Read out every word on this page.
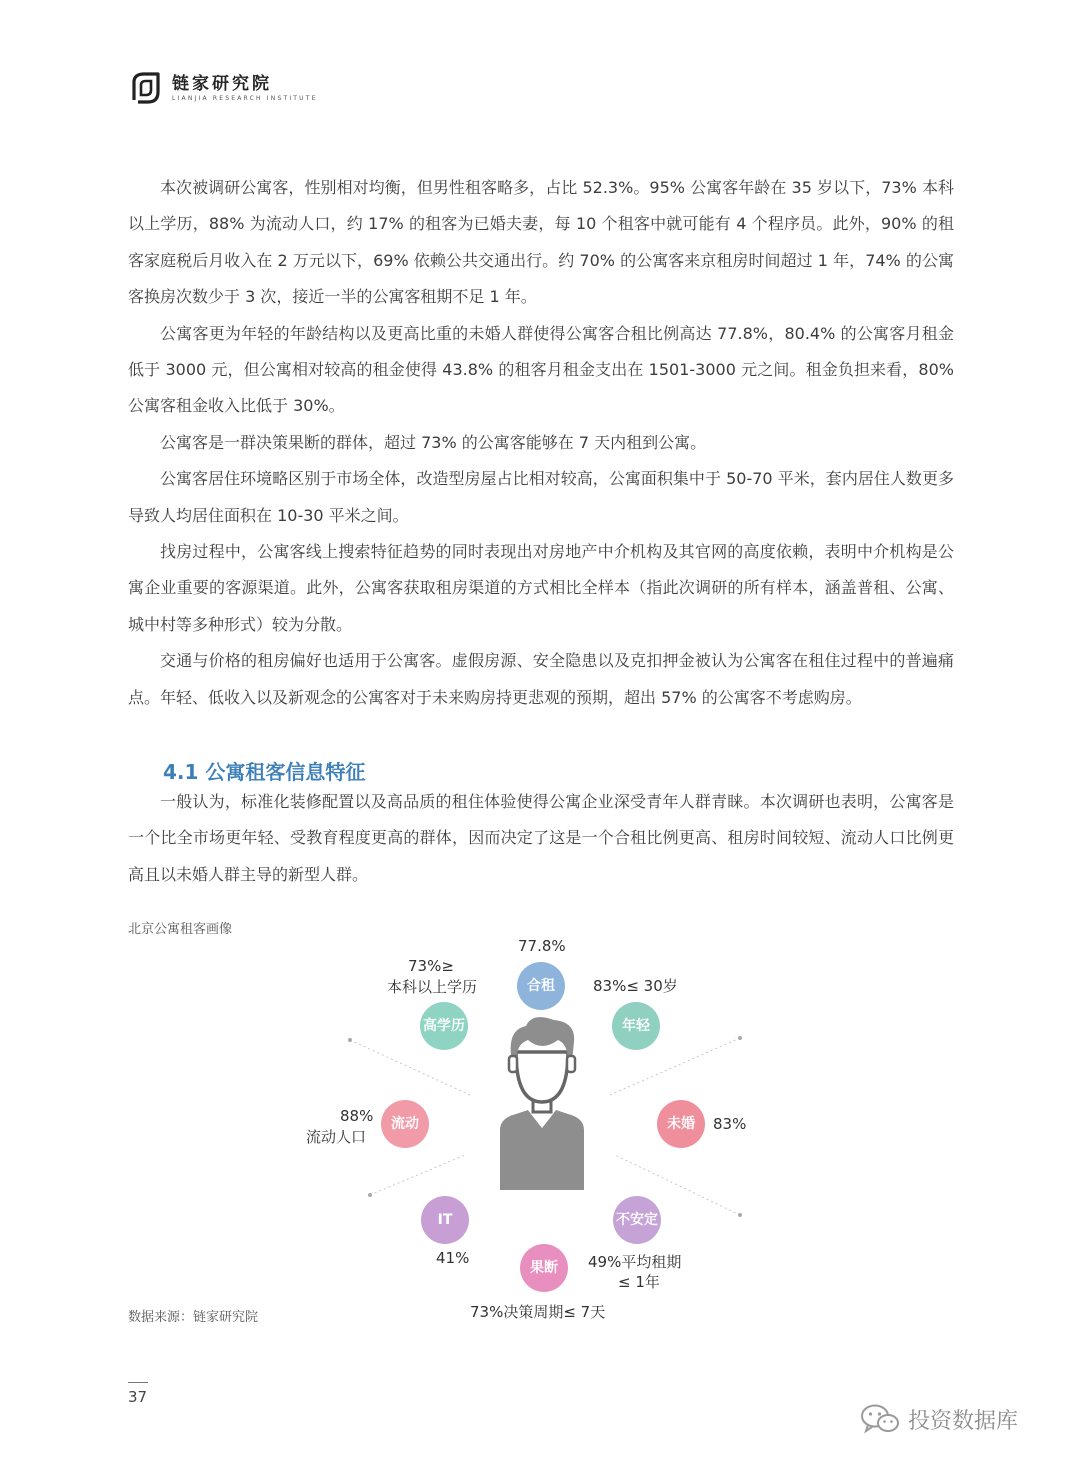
链家研究院
LIANJIA RESEARCH INSTITUTE

本次被调研公寓客，性别相对均衡，但男性租客略多，占比 52.3%。95% 公寓客年龄在 35 岁以下，73% 本科以上学历，88% 为流动人口，约 17% 的租客为已婚夫妻，每 10 个租客中就可能有 4 个程序员。此外，90% 的租客家庭税后月收入在 2 万元以下，69% 依赖公共交通出行。约 70% 的公寓客来京租房时间超过 1 年，74% 的公寓客换房次数少于 3 次，接近一半的公寓客租期不足 1 年。

公寓客更为年轻的年龄结构以及更高比重的未婚人群使得公寓客合租比例高达 77.8%，80.4% 的公寓客月租金低于 3000 元，但公寓相对较高的租金使得 43.8% 的租客月租金支出在 1501-3000 元之间。租金负担来看，80% 公寓客租金收入比低于 30%。

公寓客是一群决策果断的群体，超过 73% 的公寓客能够在 7 天内租到公寓。

公寓客居住环境略区别于市场全体，改造型房屋占比相对较高，公寓面积集中于 50-70 平米，套内居住人数更多导致人均居住面积在 10-30 平米之间。

找房过程中，公寓客线上搜索特征趋势的同时表现出对房地产中介机构及其官网的高度依赖，表明中介机构是公寓企业重要的客源渠道。此外，公寓客获取租房渠道的方式相比全样本（指此次调研的所有样本，涵盖普租、公寓、城中村等多种形式）较为分散。

交通与价格的租房偏好也适用于公寓客。虚假房源、安全隐患以及克扣押金被认为公寓客在租住过程中的普遍痛点。年轻、低收入以及新观念的公寓客对于未来购房持更悲观的预期，超出 57% 的公寓客不考虑购房。

4.1 公寓租客信息特征

一般认为，标准化装修配置以及高品质的租住体验使得公寓企业深受青年人群青睐。本次调研也表明，公寓客是一个比全市场更年轻、受教育程度更高的群体，因而决定了这是一个合租比例更高、租房时间较短、流动人口比例更高且以未婚人群主导的新型人群。

北京公寓租客画像
合租
77.8%
年轻
83%≤ 30岁
未婚 83%
不安定
49%平均租期
≤ 1年
果断
73%决策周期≤ 7天
IT
41%
流动
88%
流动人口
高学历
73%≥
本科以上学历
数据来源：链家研究院
37
投资数据库
